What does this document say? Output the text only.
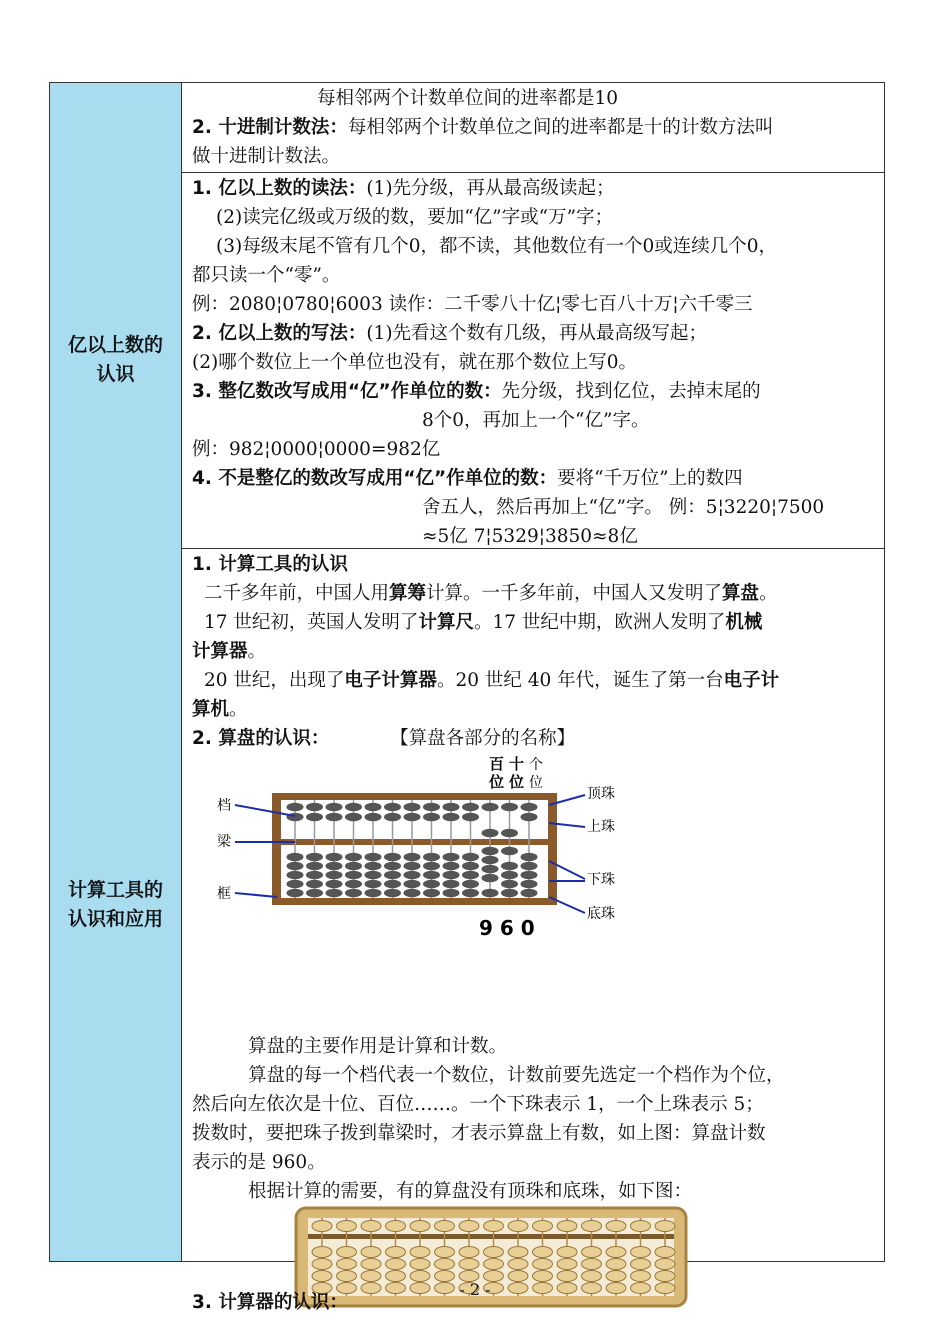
每相邻两个计数单位间的进率都是10
2. 十进制计数法：每相邻两个计数单位之间的进率都是十的计数方法叫
做十进制计数法。
亿以上数的
认识
1. 亿以上数的读法：(1)先分级，再从最高级读起；
(2)读完亿级或万级的数，要加“亿”字或“万”字；
(3)每级末尾不管有几个0，都不读，其他数位有一个0或连续几个0，
都只读一个“零”。
例：2080¦0780¦6003 读作：二千零八十亿¦零七百八十万¦六千零三
2. 亿以上数的写法：(1)先看这个数有几级，再从最高级写起；
(2)哪个数位上一个单位也没有，就在那个数位上写0。
3. 整亿数改写成用“亿”作单位的数：先分级，找到亿位，去掉末尾的
8个0，再加上一个“亿”字。
例：982¦0000¦0000=982亿
4. 不是整亿的数改写成用“亿”作单位的数：要将“千万位”上的数四
舍五人，然后再加上“亿”字。 例：5¦3220¦7500
≈5亿 7¦5329¦3850≈8亿
计算工具的
认识和应用
1. 计算工具的认识
二千多年前，中国人用算筹计算。一千多年前，中国人又发明了算盘。
17 世纪初，英国人发明了计算尺。17 世纪中期，欧洲人发明了机械
计算器。
20 世纪，出现了电子计算器。20 世纪 40 年代，诞生了第一台电子计
算机。
2. 算盘的认识：	【算盘各部分的名称】
百 十 个
位 位 位
档
梁
框
顶珠
上珠
下珠
底珠
9 6 0
算盘的主要作用是计算和计数。
算盘的每一个档代表一个数位，计数前要先选定一个档作为个位，
然后向左依次是十位、百位……。一个下珠表示 1，一个上珠表示 5；
拨数时，要把珠子拨到靠梁时，才表示算盘上有数，如上图：算盘计数
表示的是 960。
根据计算的需要，有的算盘没有顶珠和底珠，如下图：
3. 计算器的认识：
- 2 -
